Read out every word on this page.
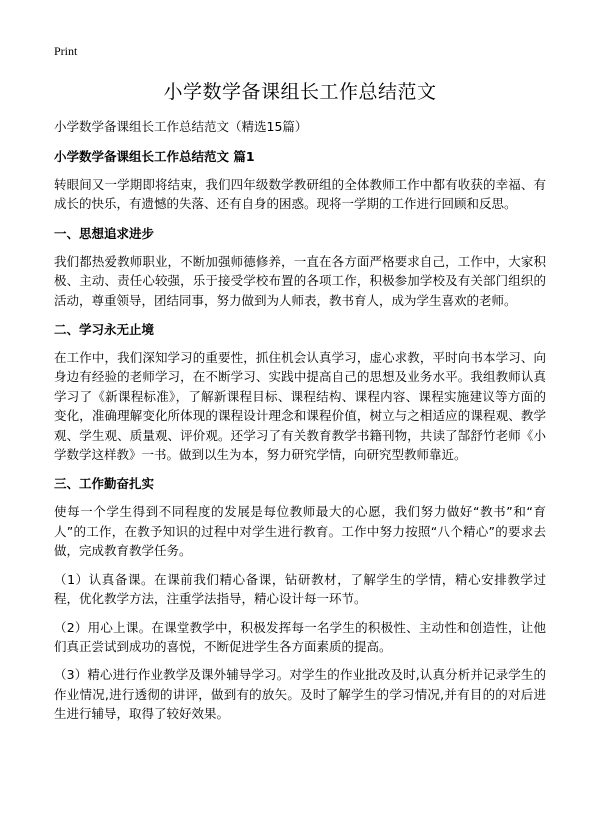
Print
小学数学备课组长工作总结范文

小学数学备课组长工作总结范文（精选15篇）

小学数学备课组长工作总结范文 篇1

转眼间又一学期即将结束，我们四年级数学教研组的全体教师工作中都有收获的幸福、有成长的快乐，有遗憾的失落、还有自身的困惑。现将一学期的工作进行回顾和反思。

一、思想追求进步

我们都热爱教师职业，不断加强师德修养，一直在各方面严格要求自己，工作中，大家积极、主动、责任心较强，乐于接受学校布置的各项工作，积极参加学校及有关部门组织的活动，尊重领导，团结同事，努力做到为人师表，教书育人，成为学生喜欢的老师。

二、学习永无止境

在工作中，我们深知学习的重要性，抓住机会认真学习，虚心求教，平时向书本学习、向身边有经验的老师学习，在不断学习、实践中提高自己的思想及业务水平。我组教师认真学习了《新课程标准》，了解新课程目标、课程结构、课程内容、课程实施建议等方面的变化，准确理解变化所体现的课程设计理念和课程价值，树立与之相适应的课程观、教学观、学生观、质量观、评价观。还学习了有关教育教学书籍刊物，共读了郜舒竹老师《小学数学这样教》一书。做到以生为本，努力研究学情，向研究型教师靠近。

三、工作勤奋扎实

使每一个学生得到不同程度的发展是每位教师最大的心愿，我们努力做好“教书”和“育人”的工作，在教予知识的过程中对学生进行教育。工作中努力按照“八个精心”的要求去做，完成教育教学任务。

（1）认真备课。在课前我们精心备课，钻研教材，了解学生的学情，精心安排教学过程，优化教学方法，注重学法指导，精心设计每一环节。

（2）用心上课。在课堂教学中，积极发挥每一名学生的积极性、主动性和创造性，让他们真正尝试到成功的喜悦，不断促进学生各方面素质的提高。

（3）精心进行作业教学及课外辅导学习。对学生的作业批改及时,认真分析并记录学生的作业情况,进行透彻的讲评，做到有的放矢。及时了解学生的学习情况,并有目的的对后进生进行辅导，取得了较好效果。
